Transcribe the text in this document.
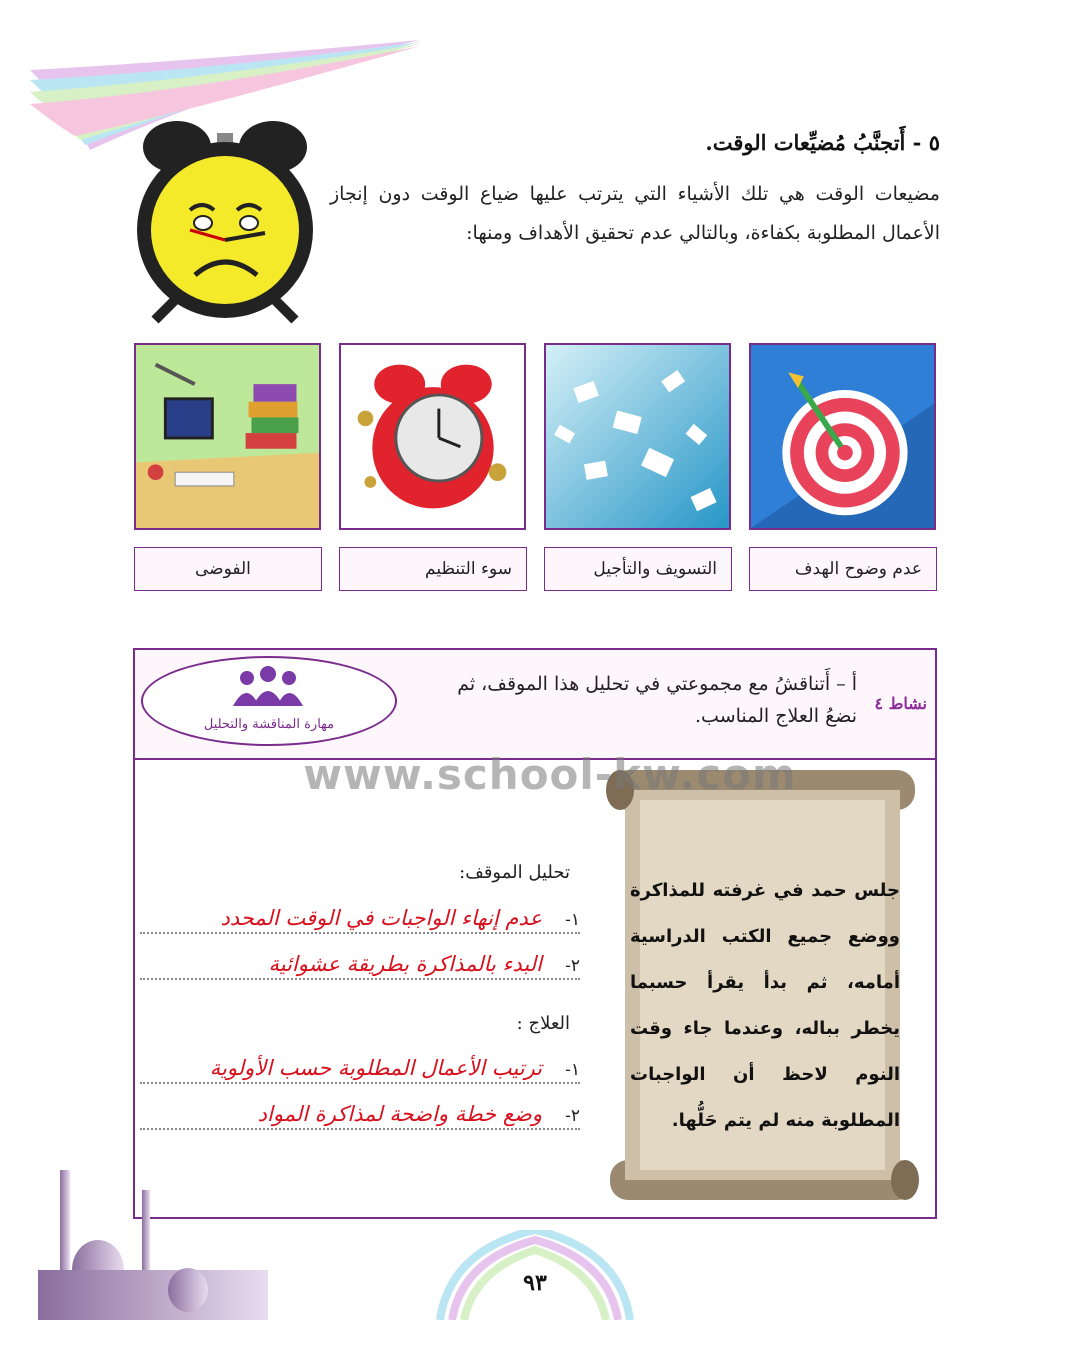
٥ - أَتجنَّبُ مُضيِّعات الوقت.
مضيعات الوقت هي تلك الأشياء التي يترتب عليها ضياع الوقت دون إنجاز الأعمال المطلوبة بكفاءة، وبالتالي عدم تحقيق الأهداف ومنها:
عدم وضوح الهدف
التسويف والتأجيل
سوء التنظيم
الفوضى
نشاط ٤
أ – أَتناقشُ مع مجموعتي في تحليل هذا الموقف، ثم نضعُ العلاج المناسب.
مهارة المناقشة والتحليل
جلس حمد في غرفته للمذاكرة ووضع جميع الكتب الدراسية أمامه، ثم بدأ يقرأ حسبما يخطر بباله، وعندما جاء وقت النوم لاحظ أن الواجبات المطلوبة منه لم يتم حَلُّها.
تحليل الموقف:
١-
عدم إنهاء الواجبات في الوقت المحدد
٢-
البدء بالمذاكرة بطريقة عشوائية
العلاج :
١-
ترتيب الأعمال المطلوبة حسب الأولوية
٢-
وضع خطة واضحة لمذاكرة المواد
www.school-kw.com
٩٣
